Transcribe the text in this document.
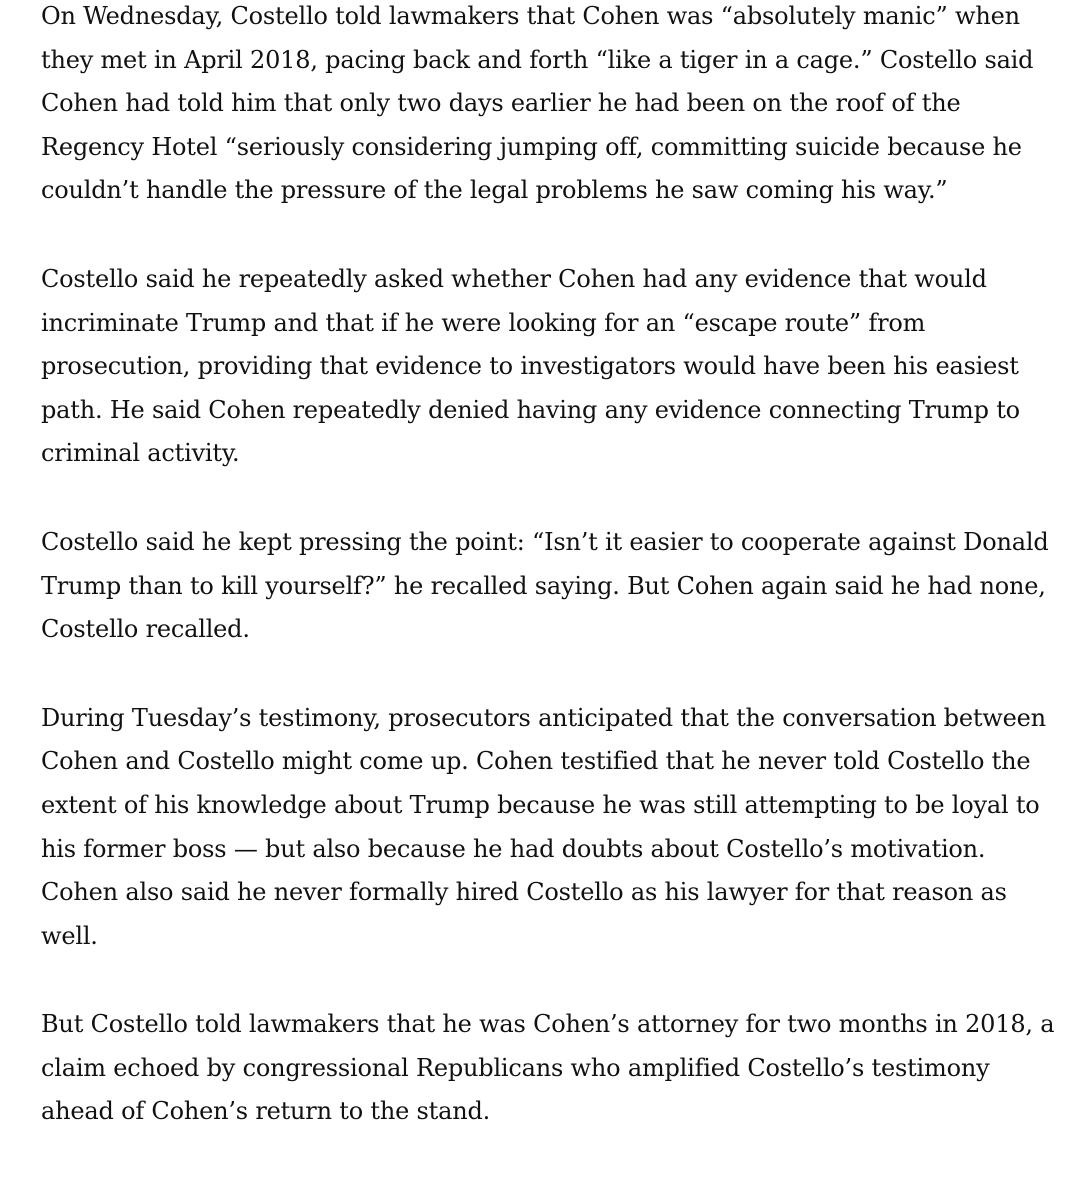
On Wednesday, Costello told lawmakers that Cohen was “absolutely manic” when they met in April 2018, pacing back and forth “like a tiger in a cage.” Costello said Cohen had told him that only two days earlier he had been on the roof of the Regency Hotel “seriously considering jumping off, committing suicide because he couldn’t handle the pressure of the legal problems he saw coming his way.”

Costello said he repeatedly asked whether Cohen had any evidence that would incriminate Trump and that if he were looking for an “escape route” from prosecution, providing that evidence to investigators would have been his easiest path. He said Cohen repeatedly denied having any evidence connecting Trump to criminal activity.

Costello said he kept pressing the point: “Isn’t it easier to cooperate against Donald Trump than to kill yourself?” he recalled saying. But Cohen again said he had none, Costello recalled.

During Tuesday’s testimony, prosecutors anticipated that the conversation between Cohen and Costello might come up. Cohen testified that he never told Costello the extent of his knowledge about Trump because he was still attempting to be loyal to his former boss — but also because he had doubts about Costello’s motivation. Cohen also said he never formally hired Costello as his lawyer for that reason as well.

But Costello told lawmakers that he was Cohen’s attorney for two months in 2018, a claim echoed by congressional Republicans who amplified Costello’s testimony ahead of Cohen’s return to the stand.
